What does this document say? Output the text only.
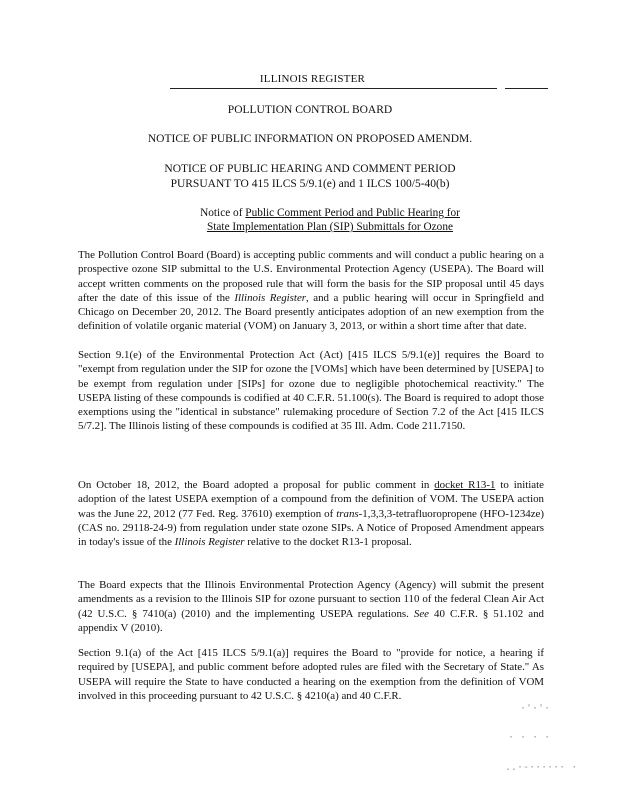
ILLINOIS REGISTER
POLLUTION CONTROL BOARD
NOTICE OF PUBLIC INFORMATION ON PROPOSED AMENDM.
NOTICE OF PUBLIC HEARING AND COMMENT PERIOD
PURSUANT TO 415 ILCS 5/9.1(e) and 1 ILCS 100/5-40(b)
Notice of Public Comment Period and Public Hearing for
State Implementation Plan (SIP) Submittals for Ozone

The Pollution Control Board (Board) is accepting public comments and will conduct a public hearing on a prospective ozone SIP submittal to the U.S. Environmental Protection Agency (USEPA). The Board will accept written comments on the proposed rule that will form the basis for the SIP proposal until 45 days after the date of this issue of the Illinois Register, and a public hearing will occur in Springfield and Chicago on December 20, 2012. The Board presently anticipates adoption of an new exemption from the definition of volatile organic material (VOM) on January 3, 2013, or within a short time after that date.

Section 9.1(e) of the Environmental Protection Act (Act) [415 ILCS 5/9.1(e)] requires the Board to "exempt from regulation under the SIP for ozone the [VOMs] which have been determined by [USEPA] to be exempt from regulation under [SIPs] for ozone due to negligible photochemical reactivity." The USEPA listing of these compounds is codified at 40 C.F.R. 51.100(s). The Board is required to adopt those exemptions using the "identical in substance" rulemaking procedure of Section 7.2 of the Act [415 ILCS 5/7.2]. The Illinois listing of these compounds is codified at 35 Ill. Adm. Code 211.7150.

On October 18, 2012, the Board adopted a proposal for public comment in docket R13-1 to initiate adoption of the latest USEPA exemption of a compound from the definition of VOM. The USEPA action was the June 22, 2012 (77 Fed. Reg. 37610) exemption of trans-1,3,3,3-tetrafluoropropene (HFO-1234ze) (CAS no. 29118-24-9) from regulation under state ozone SIPs. A Notice of Proposed Amendment appears in today's issue of the Illinois Register relative to the docket R13-1 proposal.

The Board expects that the Illinois Environmental Protection Agency (Agency) will submit the present amendments as a revision to the Illinois SIP for ozone pursuant to section 110 of the federal Clean Air Act (42 U.S.C. § 7410(a) (2010) and the implementing USEPA regulations. See 40 C.F.R. § 51.102 and appendix V (2010).

Section 9.1(a) of the Act [415 ILCS 5/9.1(a)] requires the Board to "provide for notice, a hearing if required by [USEPA], and public comment before adopted rules are filed with the Secretary of State." As USEPA will require the State to have conducted a hearing on the exemption from the definition of VOM involved in this proceeding pursuant to 42 U.S.C. § 4210(a) and 40 C.F.R.

·'·'·
· · · ·
..·-······ ·
